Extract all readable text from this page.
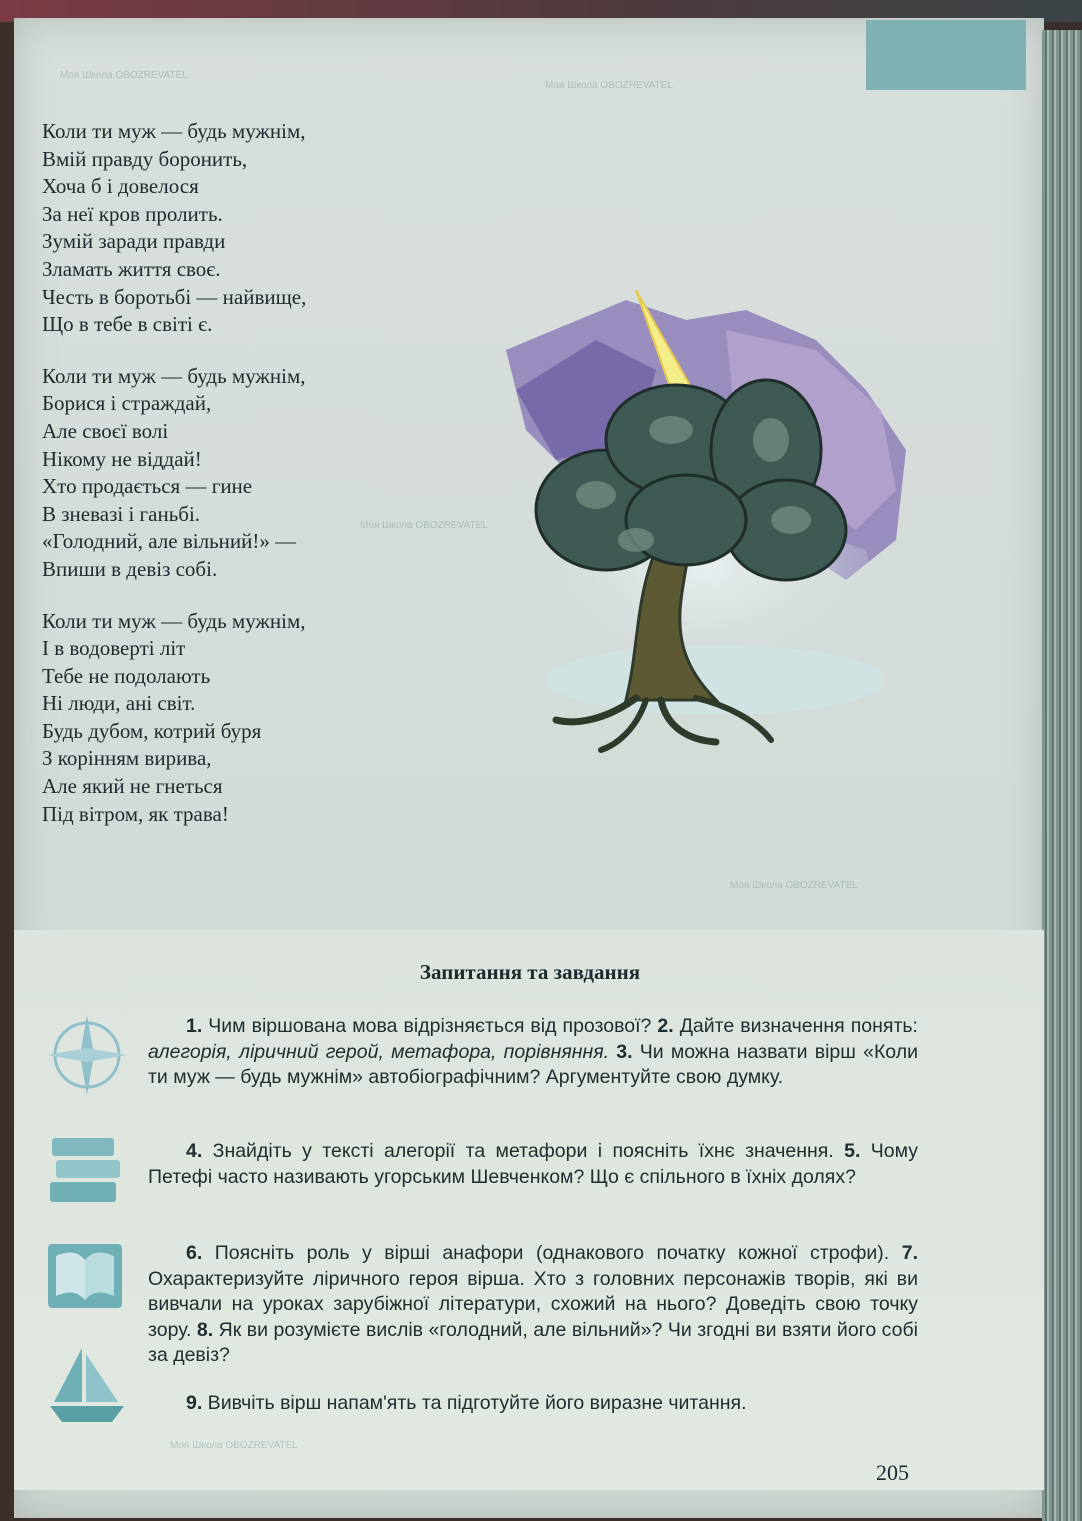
Коли ти муж — будь мужнім,
Вмій правду боронить,
Хоча б і довелося
За неї кров пролить.
Зумій заради правди
Зламать життя своє.
Честь в боротьбі — найвище,
Що в тебе в світі є.
Коли ти муж — будь мужнім,
Борися і страждай,
Але своєї волі
Нікому не віддай!
Хто продається — гине
В зневазі і ганьбі.
«Голодний, але вільний!» —
Впиши в девіз собі.
Коли ти муж — будь мужнім,
І в водоверті літ
Тебе не подолають
Ні люди, ані світ.
Будь дубом, котрий буря
З корінням вирива,
Але який не гнеться
Під вітром, як трава!
Запитання та завдання
1. Чим віршована мова відрізняється від прозової? 2. Дайте визначення понять: алегорія, ліричний герой, метафора, порівняння. 3. Чи можна назвати вірш «Коли ти муж — будь мужнім» автобіографічним? Аргументуйте свою думку.
4. Знайдіть у тексті алегорії та метафори і поясніть їхнє значення. 5. Чому Петефі часто називають угорським Шевченком? Що є спільного в їхніх долях?
6. Поясніть роль у вірші анафори (однакового початку кожної строфи). 7. Охарактеризуйте ліричного героя вірша. Хто з головних персонажів творів, які ви вивчали на уроках зарубіжної літератури, схожий на нього? Доведіть свою точку зору. 8. Як ви розумієте вислів «голодний, але вільний»? Чи згодні ви взяти його собі за девіз?
9. Вивчіть вірш напам'ять та підготуйте його виразне читання.
205
Моя Школа OBOZREVATEL
Моя Школа OBOZREVATEL
Моя Школа OBOZREVATEL
Моя Школа OBOZREVATEL
Моя Школа OBOZREVATEL
